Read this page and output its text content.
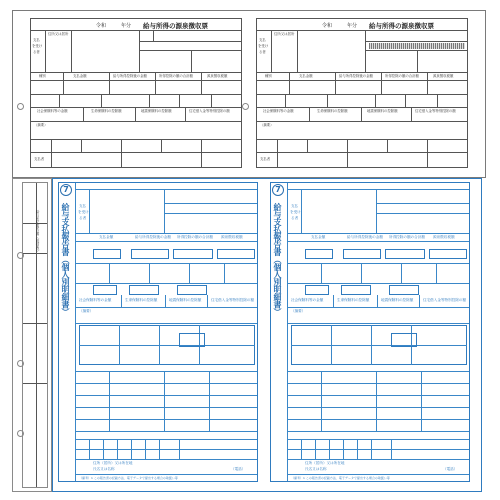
給与支払報告書（総括表）
令和	年分 給与所得の源泉徴収票
支払
を受け
る者
住所又は居所
種別	支払金額	給与所得控除後の金額	所得控除の額の合計額	源泉徴収税額
社会保険料等の金額	生命保険料の控除額	地震保険料の控除額	住宅借入金等特別控除の額
（摘要）
支払者
令和	年分 給与所得の源泉徴収票
支払
を受け
る者
住所又は居所
種別	支払金額	給与所得控除後の金額	所得控除の額の合計額	源泉徴収税額
社会保険料等の金額	生命保険料の控除額	地震保険料の控除額	住宅借入金等特別控除の額
（摘要）
支払者
7
給与支払報告書（個人別明細書）	支払
を受け
る者
支払金額	給与所得控除後の金額 所得控除の額の合計額 源泉徴収税額
社会保険料等の金額	生命保険料の控除額	地震保険料の控除額	住宅借入金等特別控除の額
（摘要）
住所（居所）又は所在地
氏名又は名称	（電話）
（備考）1 この報告書の記載方法、電子データで提出する場合の取扱い等
7
給与支払報告書（個人別明細書）	支払
を受け
る者
支払金額	給与所得控除後の金額 所得控除の額の合計額 源泉徴収税額
社会保険料等の金額	生命保険料の控除額	地震保険料の控除額	住宅借入金等特別控除の額
（摘要）
住所（居所）又は所在地
氏名又は名称	（電話）
（備考）1 この報告書の記載方法、電子データで提出する場合の取扱い等
